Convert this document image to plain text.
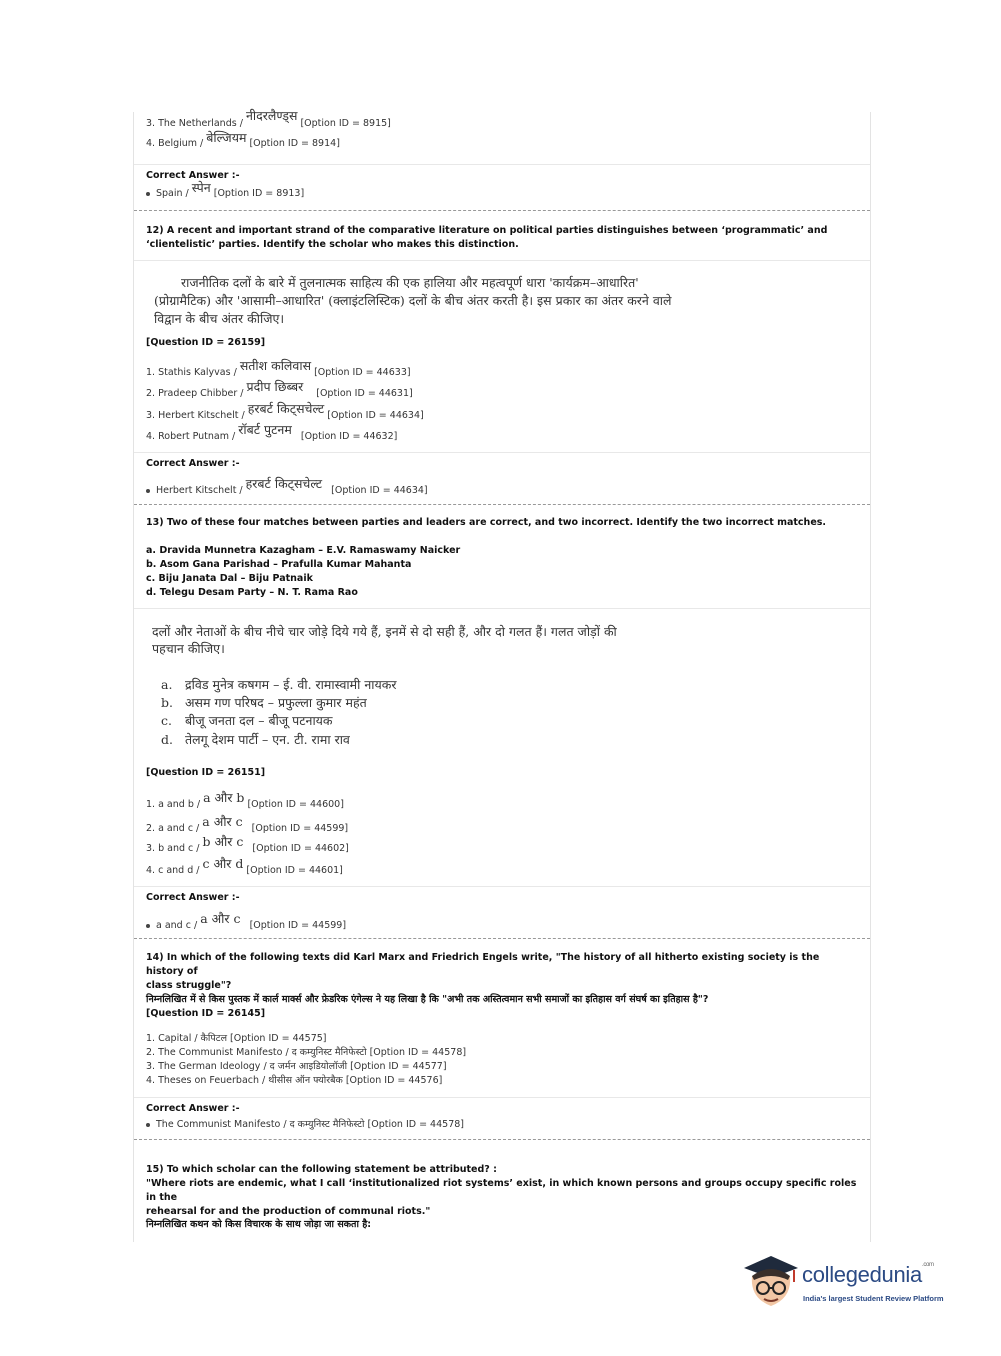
3. The Netherlands / नीदरलैण्ड्स [Option ID = 8915]
4. Belgium / बेल्जियम [Option ID = 8914]
Correct Answer :-
Spain / स्पेन [Option ID = 8913]
12) A recent and important strand of the comparative literature on political parties distinguishes between ‘programmatic’ and
‘clientelistic’ parties. Identify the scholar who makes this distinction.
राजनीतिक दलों के बारे में तुलनात्मक साहित्य की एक हालिया और महत्वपूर्ण धारा 'कार्यक्रम–आधारित'
(प्रोग्रामैटिक) और 'आसामी–आधारित' (क्लाइंटलिस्टिक) दलों के बीच अंतर करती है। इस प्रकार का अंतर करने वाले
विद्वान के बीच अंतर कीजिए।
[Question ID = 26159]
1. Stathis Kalyvas / सतीश कलिवास [Option ID = 44633]
2. Pradeep Chibber / प्रदीप छिब्बर [Option ID = 44631]
3. Herbert Kitschelt / हरबर्ट किट्सचेल्ट [Option ID = 44634]
4. Robert Putnam / रॉबर्ट पुटनम [Option ID = 44632]
Correct Answer :-
Herbert Kitschelt / हरबर्ट किट्सचेल्ट [Option ID = 44634]
13) Two of these four matches between parties and leaders are correct, and two incorrect. Identify the two incorrect matches.
a. Dravida Munnetra Kazagham – E.V. Ramaswamy Naicker
b. Asom Gana Parishad – Prafulla Kumar Mahanta
c. Biju Janata Dal – Biju Patnaik
d. Telegu Desam Party – N. T. Rama Rao
दलों और नेताओं के बीच नीचे चार जोड़े दिये गये हैं, इनमें से दो सही हैं, और दो गलत हैं। गलत जोड़ों की
पहचान कीजिए।
a. द्रविड मुनेत्र कषगम – ई. वी. रामास्वामी नायकर
b. असम गण परिषद – प्रफुल्ला कुमार महंत
c. बीजू जनता दल – बीजू पटनायक
d. तेलगू देशम पार्टी – एन. टी. रामा राव
[Question ID = 26151]
1. a and b / a और b [Option ID = 44600]
2. a and c / a और c [Option ID = 44599]
3. b and c / b और c [Option ID = 44602]
4. c and d / c और d [Option ID = 44601]
Correct Answer :-
a and c / a और c [Option ID = 44599]
14) In which of the following texts did Karl Marx and Friedrich Engels write, "The history of all hitherto existing society is the history of
class struggle"?
निम्नलिखित में से किस पुस्तक में कार्ल मार्क्स और फ्रेडरिक एंगेल्स ने यह लिखा है कि "अभी तक अस्तित्वमान सभी समाजों का इतिहास वर्ग संघर्ष का इतिहास है"?
[Question ID = 26145]
1. Capital / कैपिटल [Option ID = 44575]
2. The Communist Manifesto / द कम्युनिस्ट मैनिफेस्टो [Option ID = 44578]
3. The German Ideology / द जर्मन आइडियोलॉजी [Option ID = 44577]
4. Theses on Feuerbach / थीसीस ऑन फ्योरबैक [Option ID = 44576]
Correct Answer :-
The Communist Manifesto / द कम्युनिस्ट मैनिफेस्टो [Option ID = 44578]
15) To which scholar can the following statement be attributed? :
"Where riots are endemic, what I call ‘institutionalized riot systems’ exist, in which known persons and groups occupy specific roles in the
rehearsal for and the production of communal riots."
निम्नलिखित कथन को किस विचारक के साथ जोड़ा जा सकता है:
collegedunia$^{.com}$
India's largest Student Review Platform
